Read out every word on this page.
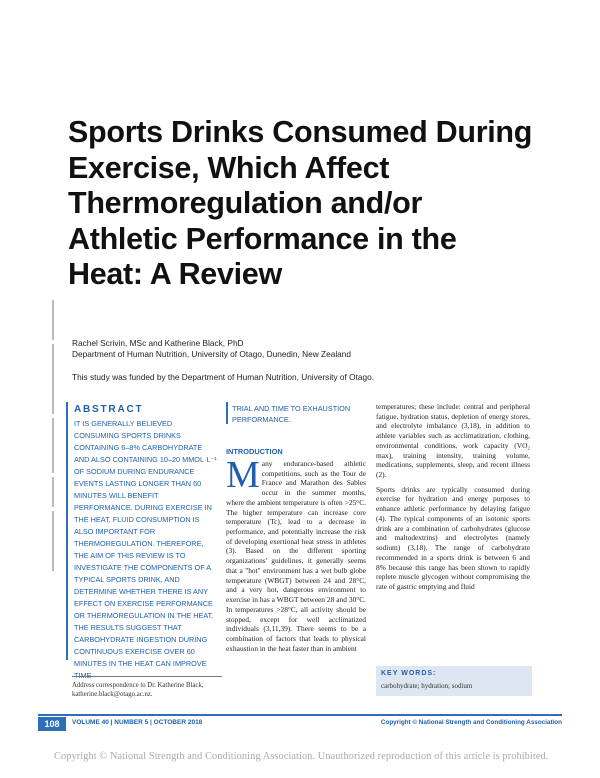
Sports Drinks Consumed During Exercise, Which Affect Thermoregulation and/or Athletic Performance in the Heat: A Review
Rachel Scrivin, MSc and Katherine Black, PhD
Department of Human Nutrition, University of Otago, Dunedin, New Zealand
This study was funded by the Department of Human Nutrition, University of Otago.
ABSTRACT

IT IS GENERALLY BELIEVED CONSUMING SPORTS DRINKS CONTAINING 6–8% CARBOHYDRATE AND ALSO CONTAINING 10–20 MMOL·L⁻¹ OF SODIUM DURING ENDURANCE EVENTS LASTING LONGER THAN 60 MINUTES WILL BENEFIT PERFORMANCE. DURING EXERCISE IN THE HEAT, FLUID CONSUMPTION IS ALSO IMPORTANT FOR THERMOREGULATION. THEREFORE, THE AIM OF THIS REVIEW IS TO INVESTIGATE THE COMPONENTS OF A TYPICAL SPORTS DRINK, AND DETERMINE WHETHER THERE IS ANY EFFECT ON EXERCISE PERFORMANCE OR THERMOREGULATION IN THE HEAT. THE RESULTS SUGGEST THAT CARBOHYDRATE INGESTION DURING CONTINUOUS EXERCISE OVER 60 MINUTES IN THE HEAT CAN IMPROVE TIME

TRIAL AND TIME TO EXHAUSTION PERFORMANCE.

Address correspondence to Dr. Katherine Black, katherine.black@otago.ac.nz.
INTRODUCTION
Many endurance-based athletic competitions, such as the Tour de France and Marathon des Sables occur in the summer months, where the ambient temperature is often >25°C. The higher temperature can increase core temperature (Tc), lead to a decrease in performance, and potentially increase the risk of developing exertional heat stress in athletes (3). Based on the different sporting organizations' guidelines, it generally seems that a "hot" environment has a wet bulb globe temperature (WBGT) between 24 and 28°C, and a very hot, dangerous environment to exercise in has a WBGT between 28 and 30°C. In temperatures >28°C, all activity should be stopped, except for well acclimatized individuals (3,11,39). There seems to be a combination of factors that leads to physical exhaustion in the heat faster than in ambient

temperatures; these include: central and peripheral fatigue, hydration status, depletion of energy stores, and electrolyte imbalance (3,18), in addition to athlete variables such as acclimatization, clothing, environmental conditions, work capacity (VO₂ max), training intensity, training volume, medications, supplements, sleep, and recent illness (2).

Sports drinks are typically consumed during exercise for hydration and energy purposes to enhance athletic performance by delaying fatigue (4). The typical components of an isotonic sports drink are a combination of carbohydrates (glucose and maltodextrins) and electrolytes (namely sodium) (3,18). The range of carbohydrate recommended in a sports drink is between 6 and 8% because this range has been shown to rapidly replete muscle glycogen without compromising the rate of gastric emptying and fluid

KEY WORDS:
carbohydrate; hydration; sodium
108	VOLUME 40 | NUMBER 5 | OCTOBER 2018	Copyright © National Strength and Conditioning Association
Copyright © National Strength and Conditioning Association. Unauthorized reproduction of this article is prohibited.
